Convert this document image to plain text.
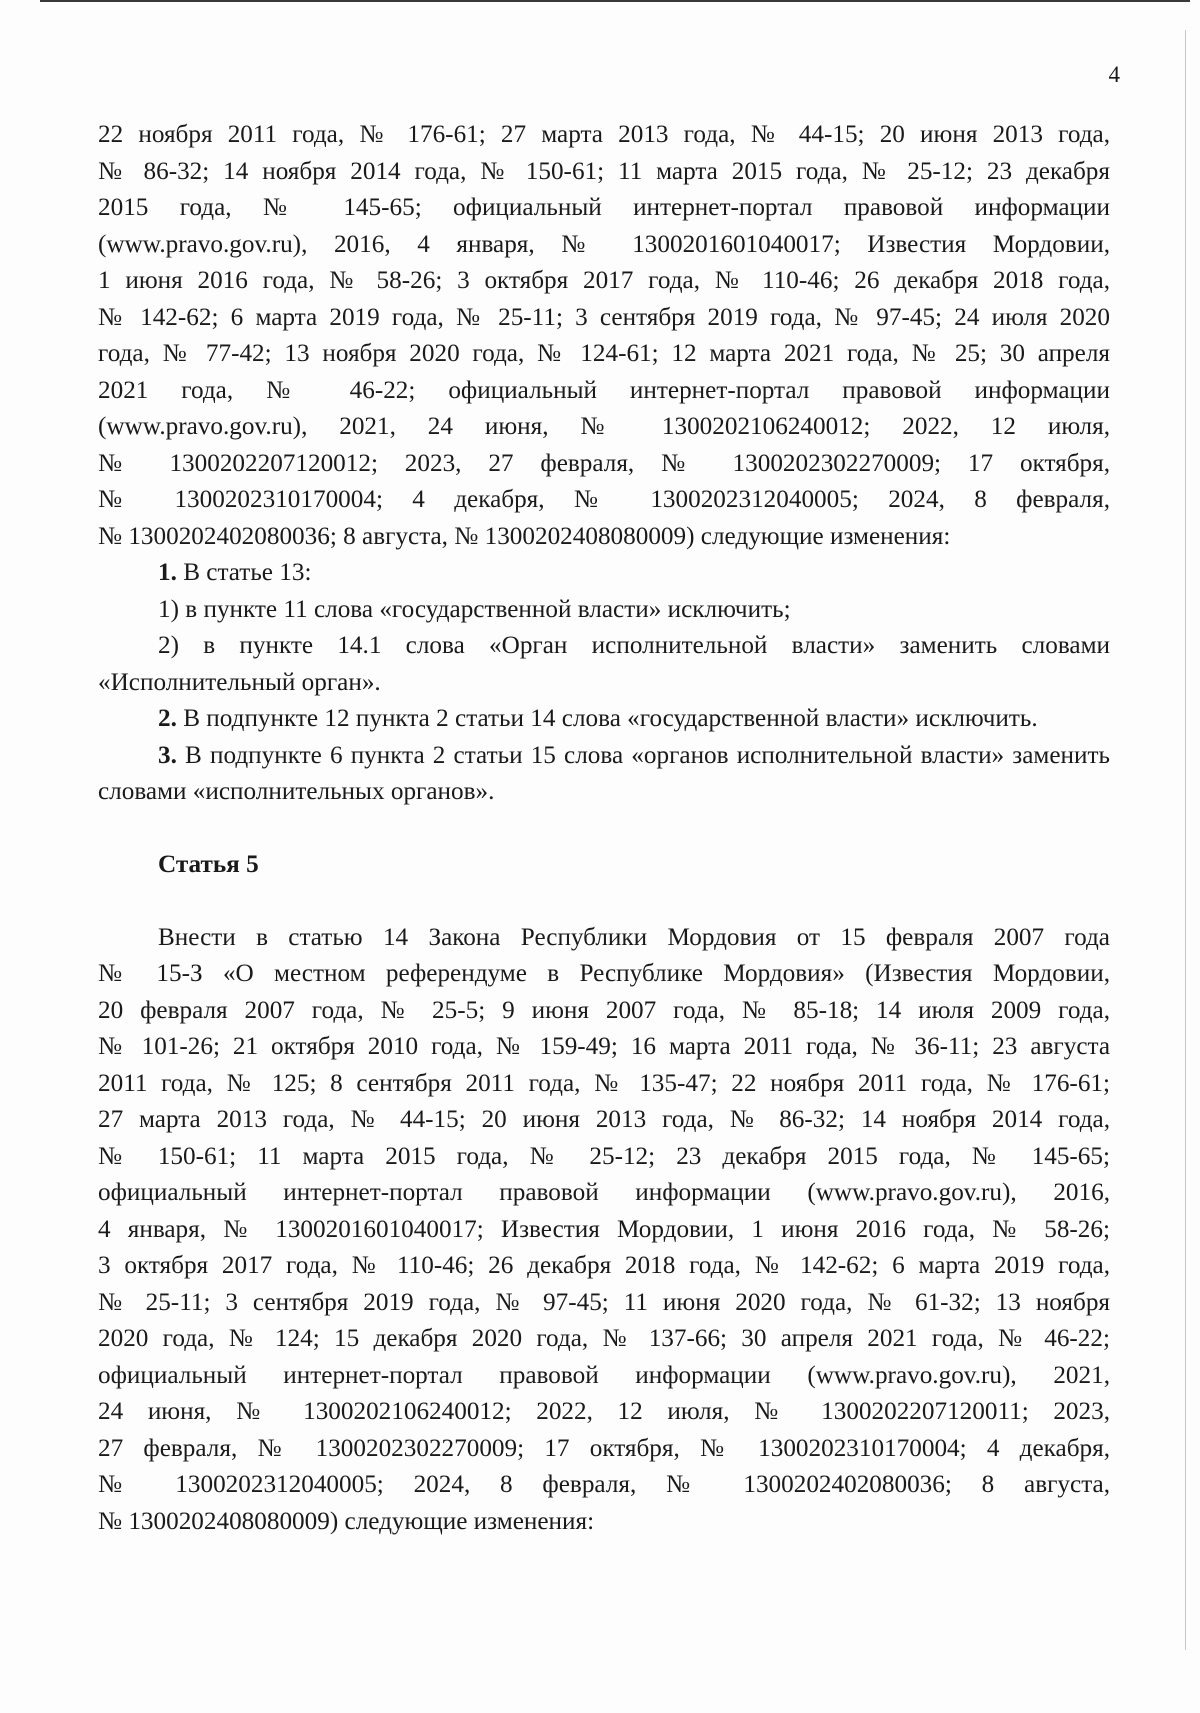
4
22 ноября 2011 года, № 176-61; 27 марта 2013 года, № 44-15; 20 июня 2013 года,
№ 86-32; 14 ноября 2014 года, № 150-61; 11 марта 2015 года, № 25-12; 23 декабря
2015 года, № 145-65; официальный интернет-портал правовой информации
(www.pravo.gov.ru), 2016, 4 января, № 1300201601040017; Известия Мордовии,
1 июня 2016 года, № 58-26; 3 октября 2017 года, № 110-46; 26 декабря 2018 года,
№ 142-62; 6 марта 2019 года, № 25-11; 3 сентября 2019 года, № 97-45; 24 июля 2020
года, № 77-42; 13 ноября 2020 года, № 124-61; 12 марта 2021 года, № 25; 30 апреля
2021 года, № 46-22; официальный интернет-портал правовой информации
(www.pravo.gov.ru), 2021, 24 июня, № 1300202106240012; 2022, 12 июля,
№ 1300202207120012; 2023, 27 февраля, № 1300202302270009; 17 октября,
№ 1300202310170004; 4 декабря, № 1300202312040005; 2024, 8 февраля,
№ 1300202402080036; 8 августа, № 1300202408080009) следующие изменения:

1. В статье 13:

1) в пункте 11 слова «государственной власти» исключить;

2) в пункте 14.1 слова «Орган исполнительной власти» заменить словами «Исполнительный орган».

2. В подпункте 12 пункта 2 статьи 14 слова «государственной власти» исключить.

3. В подпункте 6 пункта 2 статьи 15 слова «органов исполнительной власти» заменить словами «исполнительных органов».

Статья 5
Внести в статью 14 Закона Республики Мордовия от 15 февраля 2007 года
№ 15-З «О местном референдуме в Республике Мордовия» (Известия Мордовии,
20 февраля 2007 года, № 25-5; 9 июня 2007 года, № 85-18; 14 июля 2009 года,
№ 101-26; 21 октября 2010 года, № 159-49; 16 марта 2011 года, № 36-11; 23 августа
2011 года, № 125; 8 сентября 2011 года, № 135-47; 22 ноября 2011 года, № 176-61;
27 марта 2013 года, № 44-15; 20 июня 2013 года, № 86-32; 14 ноября 2014 года,
№ 150-61; 11 марта 2015 года, № 25-12; 23 декабря 2015 года, № 145-65;
официальный интернет-портал правовой информации (www.pravo.gov.ru), 2016,
4 января, № 1300201601040017; Известия Мордовии, 1 июня 2016 года, № 58-26;
3 октября 2017 года, № 110-46; 26 декабря 2018 года, № 142-62; 6 марта 2019 года,
№ 25-11; 3 сентября 2019 года, № 97-45; 11 июня 2020 года, № 61-32; 13 ноября
2020 года, № 124; 15 декабря 2020 года, № 137-66; 30 апреля 2021 года, № 46-22;
официальный интернет-портал правовой информации (www.pravo.gov.ru), 2021,
24 июня, № 1300202106240012; 2022, 12 июля, № 1300202207120011; 2023,
27 февраля, № 1300202302270009; 17 октября, № 1300202310170004; 4 декабря,
№ 1300202312040005; 2024, 8 февраля, № 1300202402080036; 8 августа,
№ 1300202408080009) следующие изменения:
